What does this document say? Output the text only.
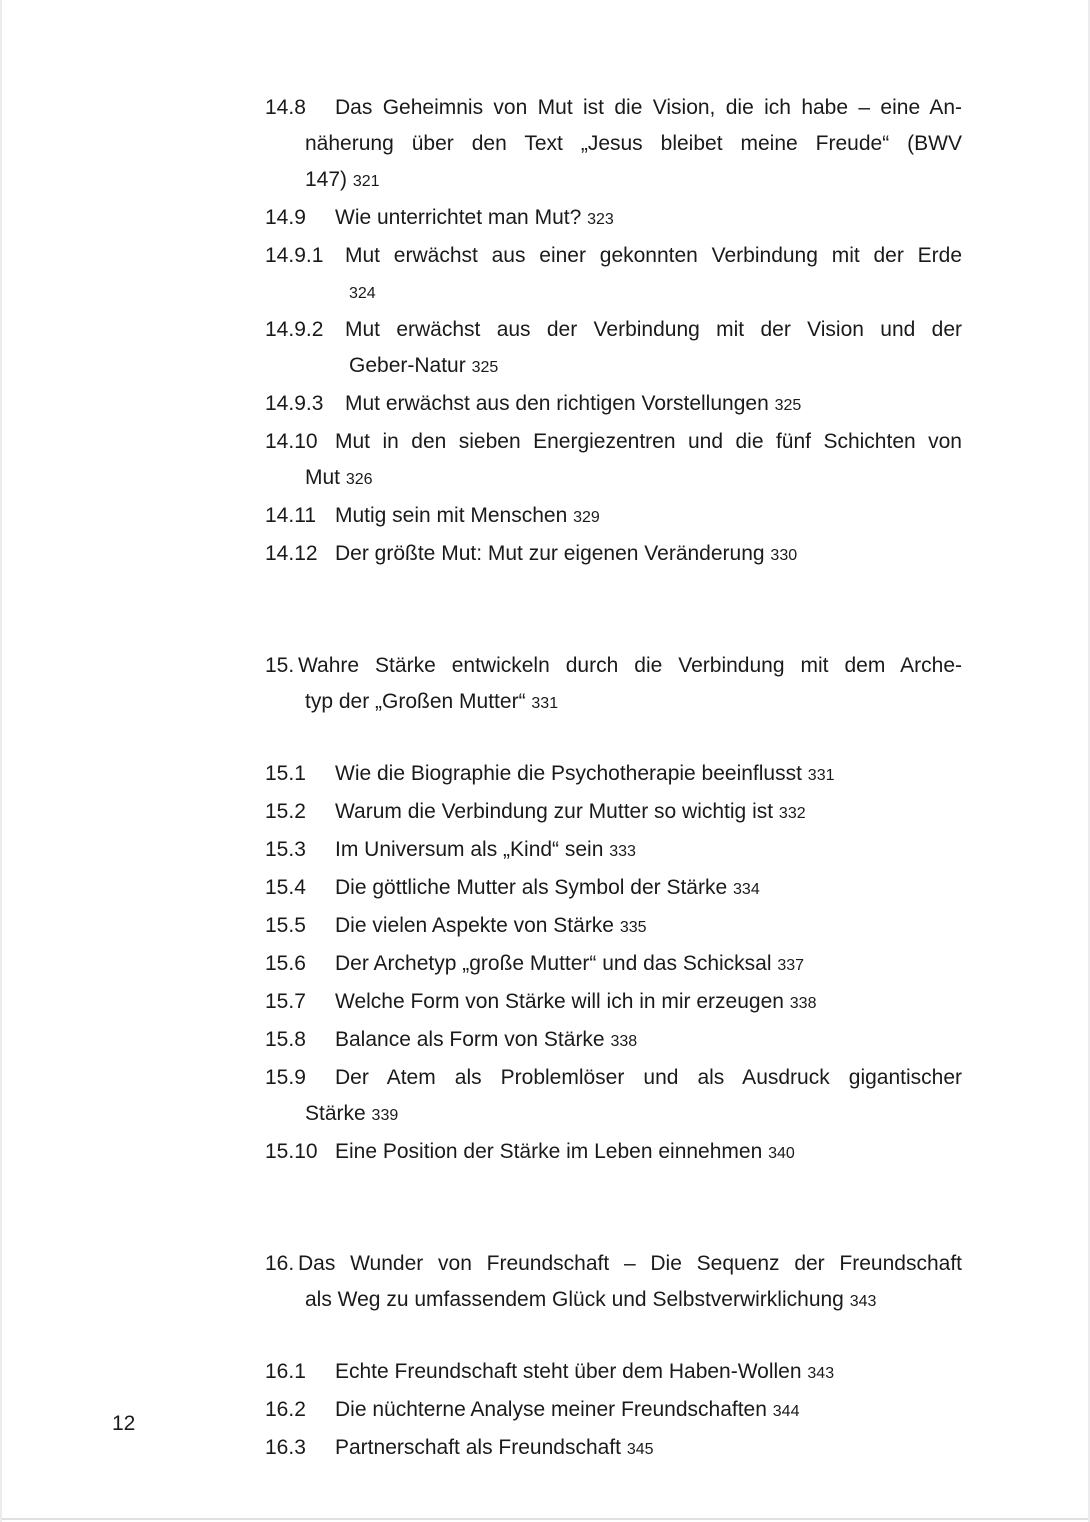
14.8 Das Geheimnis von Mut ist die Vision, die ich habe – eine An-
näherung über den Text „Jesus bleibet meine Freude“ (BWV
147) 321
14.9 Wie unterrichtet man Mut? 323
14.9.1 Mut erwächst aus einer gekonnten Verbindung mit der Erde
324
14.9.2 Mut erwächst aus der Verbindung mit der Vision und der
Geber-Natur 325
14.9.3 Mut erwächst aus den richtigen Vorstellungen 325
14.10 Mut in den sieben Energiezentren und die fünf Schichten von
Mut 326
14.11 Mutig sein mit Menschen 329
14.12 Der größte Mut: Mut zur eigenen Veränderung 330
15. Wahre Stärke entwickeln durch die Verbindung mit dem Arche-
typ der „Großen Mutter“ 331
15.1 Wie die Biographie die Psychotherapie beeinflusst 331
15.2 Warum die Verbindung zur Mutter so wichtig ist 332
15.3 Im Universum als „Kind“ sein 333
15.4 Die göttliche Mutter als Symbol der Stärke 334
15.5 Die vielen Aspekte von Stärke 335
15.6 Der Archetyp „große Mutter“ und das Schicksal 337
15.7 Welche Form von Stärke will ich in mir erzeugen 338
15.8 Balance als Form von Stärke 338
15.9 Der Atem als Problemlöser und als Ausdruck gigantischer
Stärke 339
15.10 Eine Position der Stärke im Leben einnehmen 340
16. Das Wunder von Freundschaft – Die Sequenz der Freundschaft
als Weg zu umfassendem Glück und Selbstverwirklichung 343
16.1 Echte Freundschaft steht über dem Haben-Wollen 343
16.2 Die nüchterne Analyse meiner Freundschaften 344
16.3 Partnerschaft als Freundschaft 345
12
